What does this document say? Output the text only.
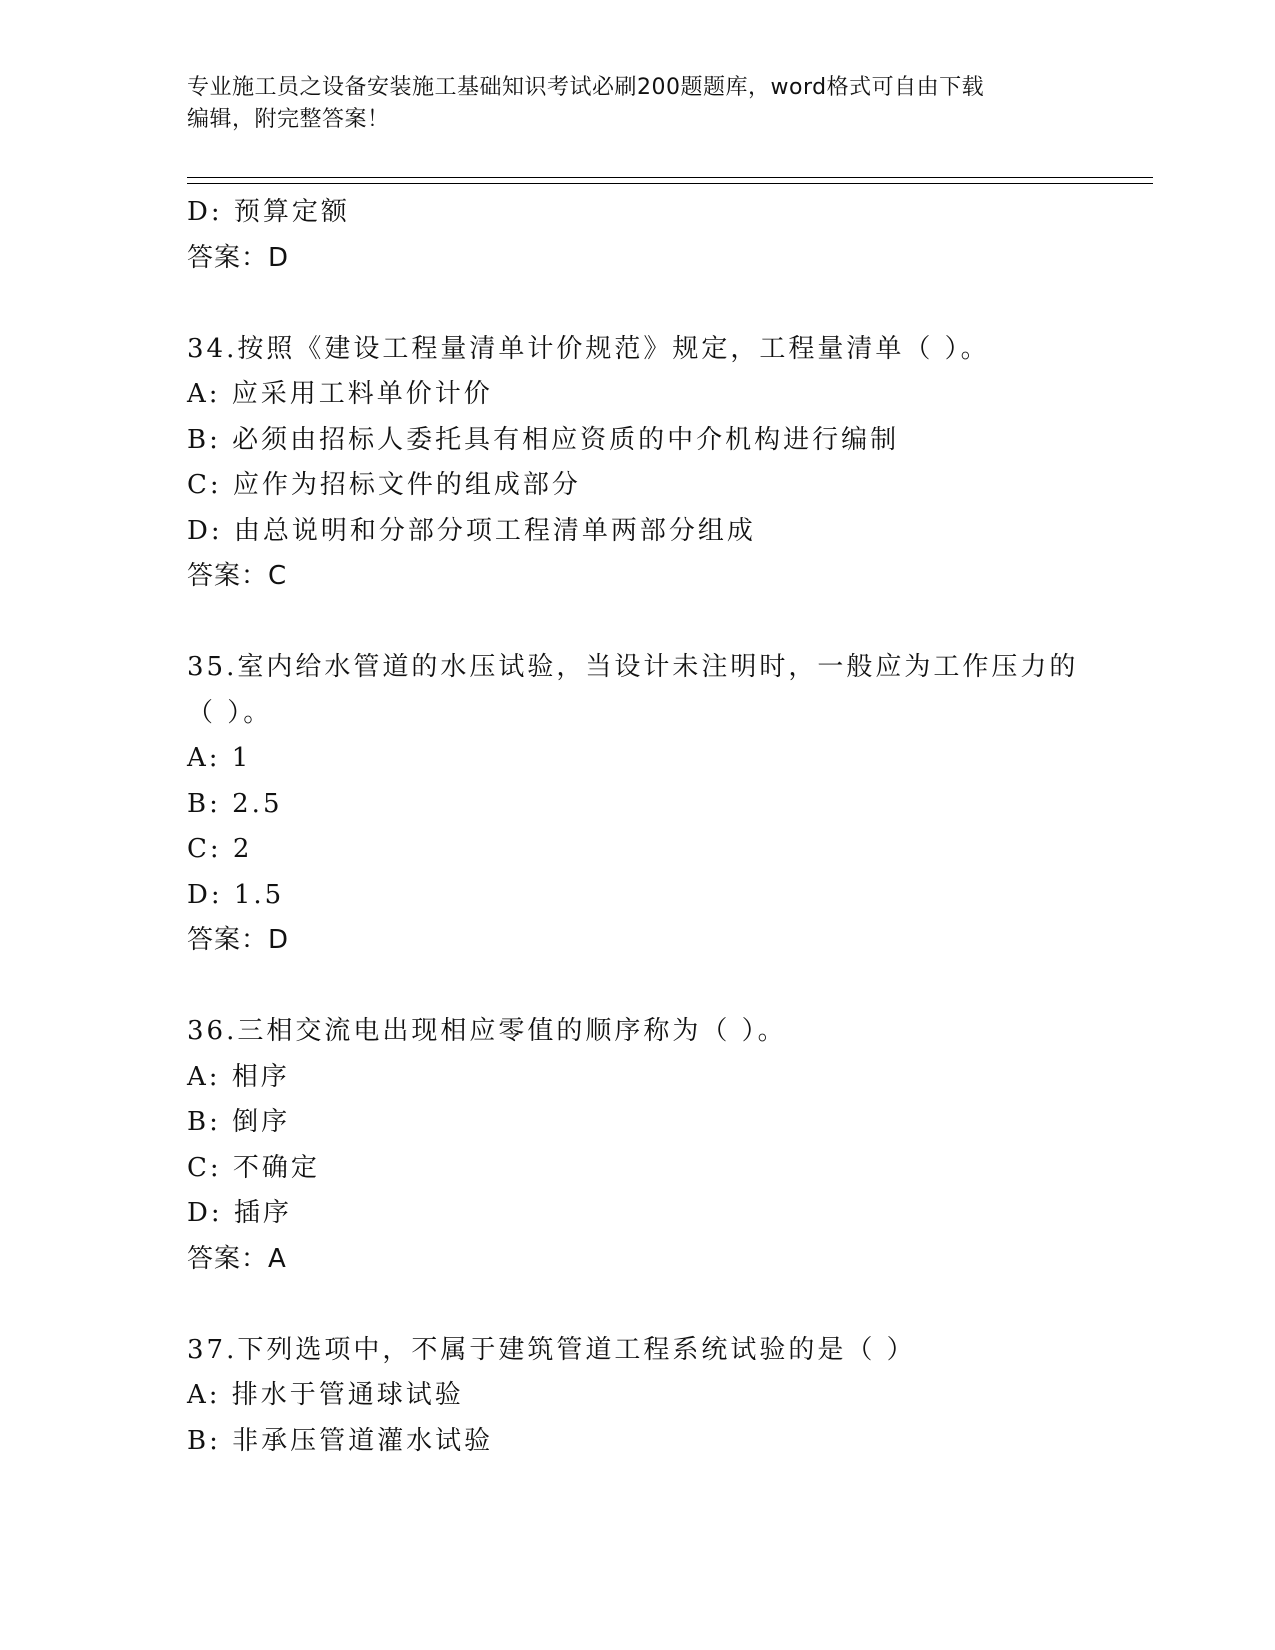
专业施工员之设备安装施工基础知识考试必刷200题题库，word格式可自由下载
编辑，附完整答案！
D: 预算定额
答案：D
34.按照《建设工程量清单计价规范》规定，工程量清单（ ）。
A: 应采用工料单价计价
B: 必须由招标人委托具有相应资质的中介机构进行编制
C: 应作为招标文件的组成部分
D: 由总说明和分部分项工程清单两部分组成
答案：C
35.室内给水管道的水压试验，当设计未注明时，一般应为工作压力的
（ ）。
A: 1
B: 2.5
C: 2
D: 1.5
答案：D
36.三相交流电出现相应零值的顺序称为（ ）。
A: 相序
B: 倒序
C: 不确定
D: 插序
答案：A
37.下列选项中，不属于建筑管道工程系统试验的是（ ）
A: 排水于管通球试验
B: 非承压管道灌水试验
